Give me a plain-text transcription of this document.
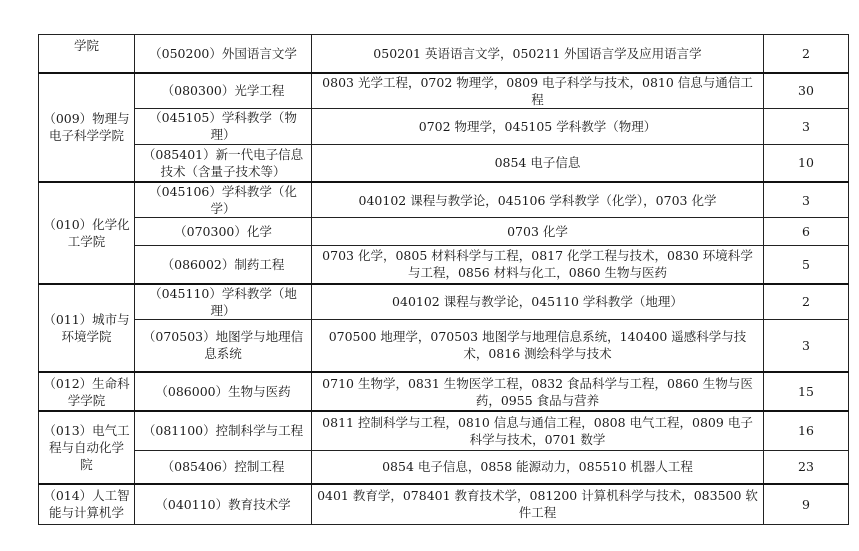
学院	（050200）外国语言文学	050201 英语语言文学，050211 外国语言学及应用语言学	2
（009）物理与电子科学学院	（080300）光学工程	0803 光学工程，0702 物理学，0809 电子科学与技术，0810 信息与通信工程	30
	（045105）学科教学（物理）	0702 物理学，045105 学科教学（物理）	3
	（085401）新一代电子信息技术（含量子技术等）	0854 电子信息	10
（010）化学化工学院	（045106）学科教学（化学）	040102 课程与教学论，045106 学科教学（化学），0703 化学	3
	（070300）化学	0703 化学	6
	（086002）制药工程	0703 化学，0805 材料科学与工程，0817 化学工程与技术，0830 环境科学与工程，0856 材料与化工，0860 生物与医药	5
（011）城市与环境学院	（045110）学科教学（地理）	040102 课程与教学论，045110 学科教学（地理）	2
	（070503）地图学与地理信息系统	070500 地理学，070503 地图学与地理信息系统，140400 遥感科学与技术，0816 测绘科学与技术	3
（012）生命科学学院	（086000）生物与医药	0710 生物学，0831 生物医学工程，0832 食品科学与工程，0860 生物与医药，0955 食品与营养	15
（013）电气工程与自动化学院	（081100）控制科学与工程	0811 控制科学与工程，0810 信息与通信工程，0808 电气工程，0809 电子科学与技术，0701 数学	16
	（085406）控制工程	0854 电子信息，0858 能源动力，085510 机器人工程	23
（014）人工智能与计算机学	（040110）教育技术学	0401 教育学，078401 教育技术学，081200 计算机科学与技术，083500 软件工程	9
